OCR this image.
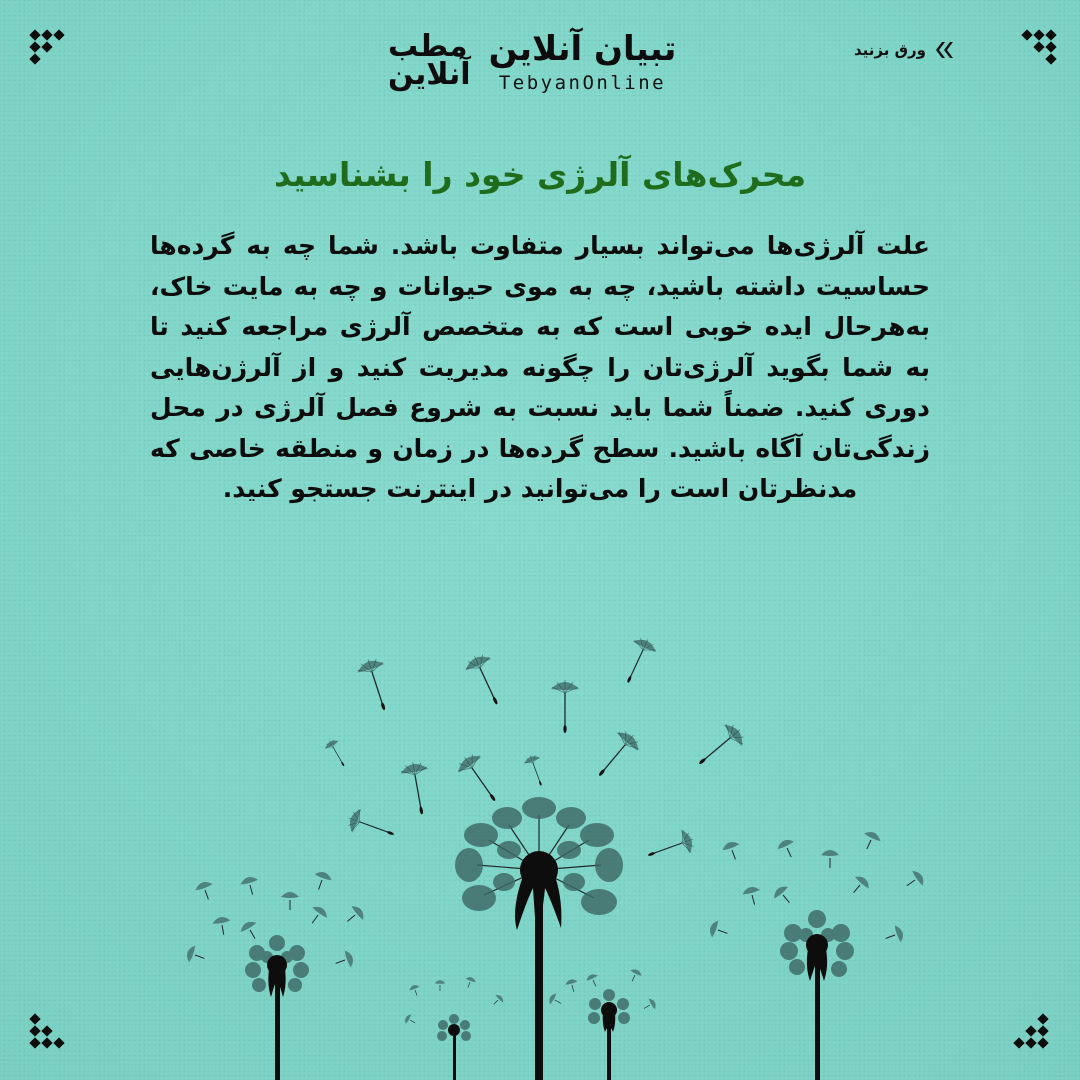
ورق بزنید
مطب
آنلاین
تبیان آنلاین
TebyanOnline
محرک‌های آلرژی خود را بشناسید
علت آلرژی‌ها می‌تواند بسیار متفاوت باشد. شما چه به گرده‌ها حساسیت داشته باشید، چه به موی حیوانات و چه به مایت خاک، به‌هرحال ایده خوبی است که به متخصص آلرژی مراجعه کنید تا به شما بگوید آلرژی‌تان را چگونه مدیریت کنید و از آلرژن‌هایی دوری کنید. ضمناً شما باید نسبت به شروع فصل آلرژی در محل زندگی‌تان آگاه باشید. سطح گرده‌ها در زمان و منطقه خاصی که مدنظرتان است را می‌توانید در اینترنت جستجو کنید.
